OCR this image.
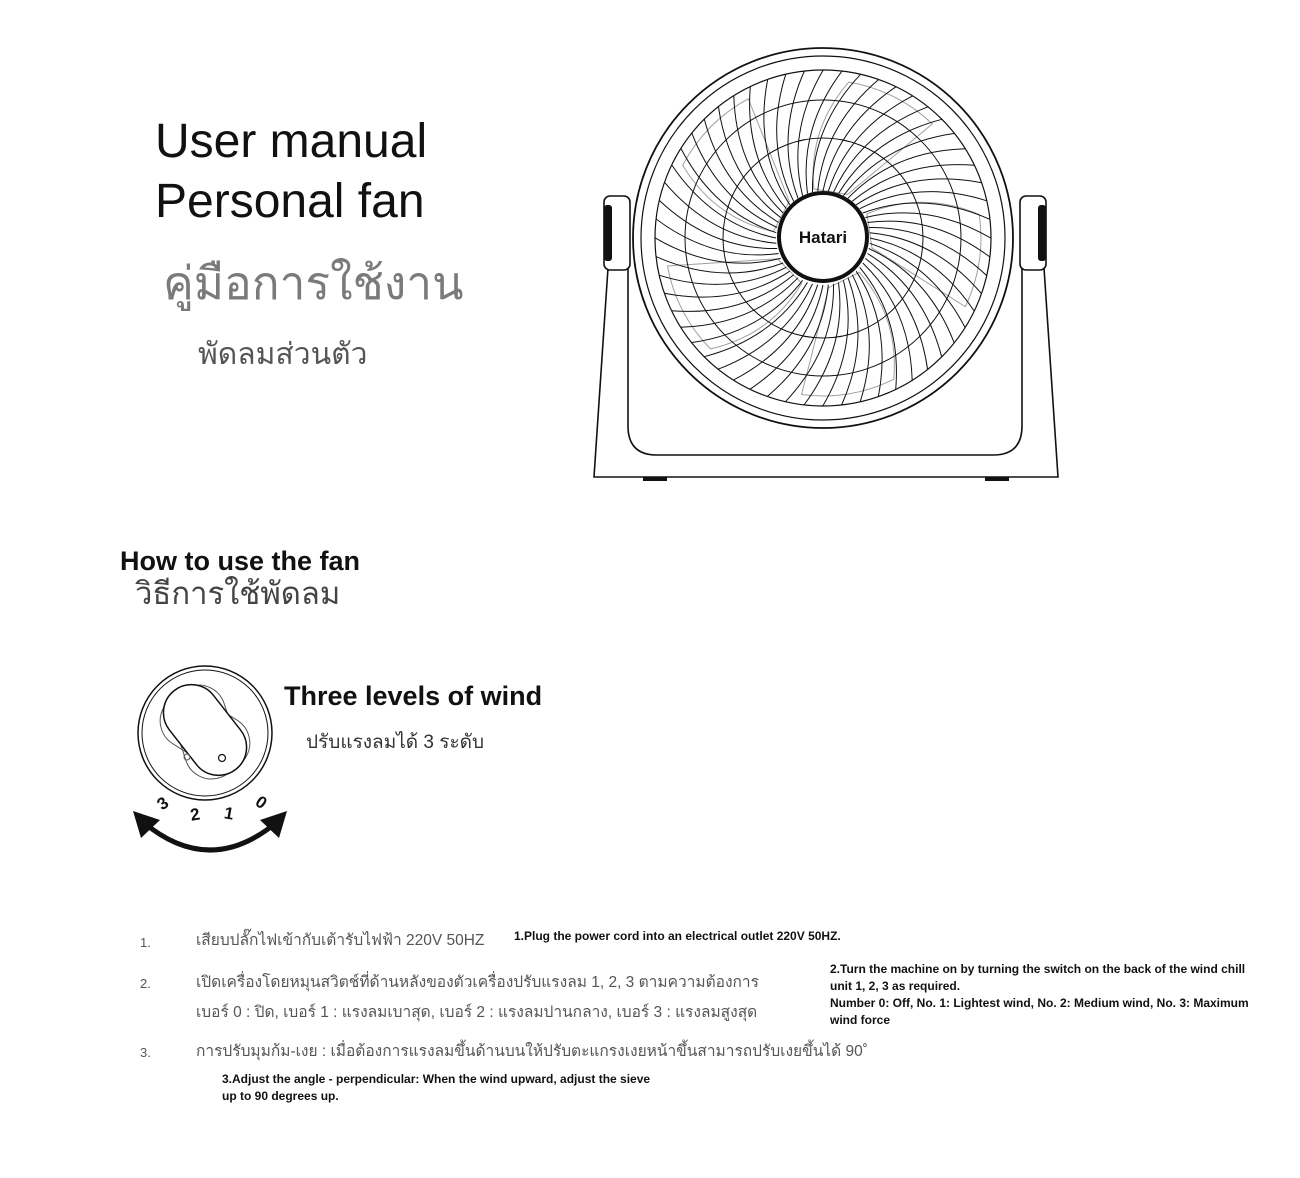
User manual
Personal fan
คู่มือการใช้งาน
พัดลมส่วนตัว
Hatari
How to use the fan
วิธีการใช้พัดลม
3
2 1
0
Three levels of wind
ปรับแรงลมได้ 3 ระดับ
1.	เสียบปลั๊กไฟเข้ากับเต้ารับไฟฟ้า 220V 50HZ 1.Plug the power cord into an electrical outlet 220V 50HZ.
2.	เปิดเครื่องโดยหมุนสวิตช์ที่ด้านหลังของตัวเครื่องปรับแรงลม 1, 2, 3 ตามความต้องการ
เบอร์ 0 : ปิด, เบอร์ 1 : แรงลมเบาสุด, เบอร์ 2 : แรงลมปานกลาง, เบอร์ 3 : แรงลมสูงสุด

2.Turn the machine on by turning the switch on the back of the wind chill unit 1, 2, 3 as required.

Number 0: Off, No. 1: Lightest wind, No. 2: Medium wind, No. 3: Maximum wind force

3.	การปรับมุมก้ม-เงย : เมื่อต้องการแรงลมขึ้นด้านบนให้ปรับตะแกรงเงยหน้าขึ้นสามารถปรับเงยขึ้นได้ 90˚

3.Adjust the angle - perpendicular: When the wind upward, adjust the sieve up to 90 degrees up.
